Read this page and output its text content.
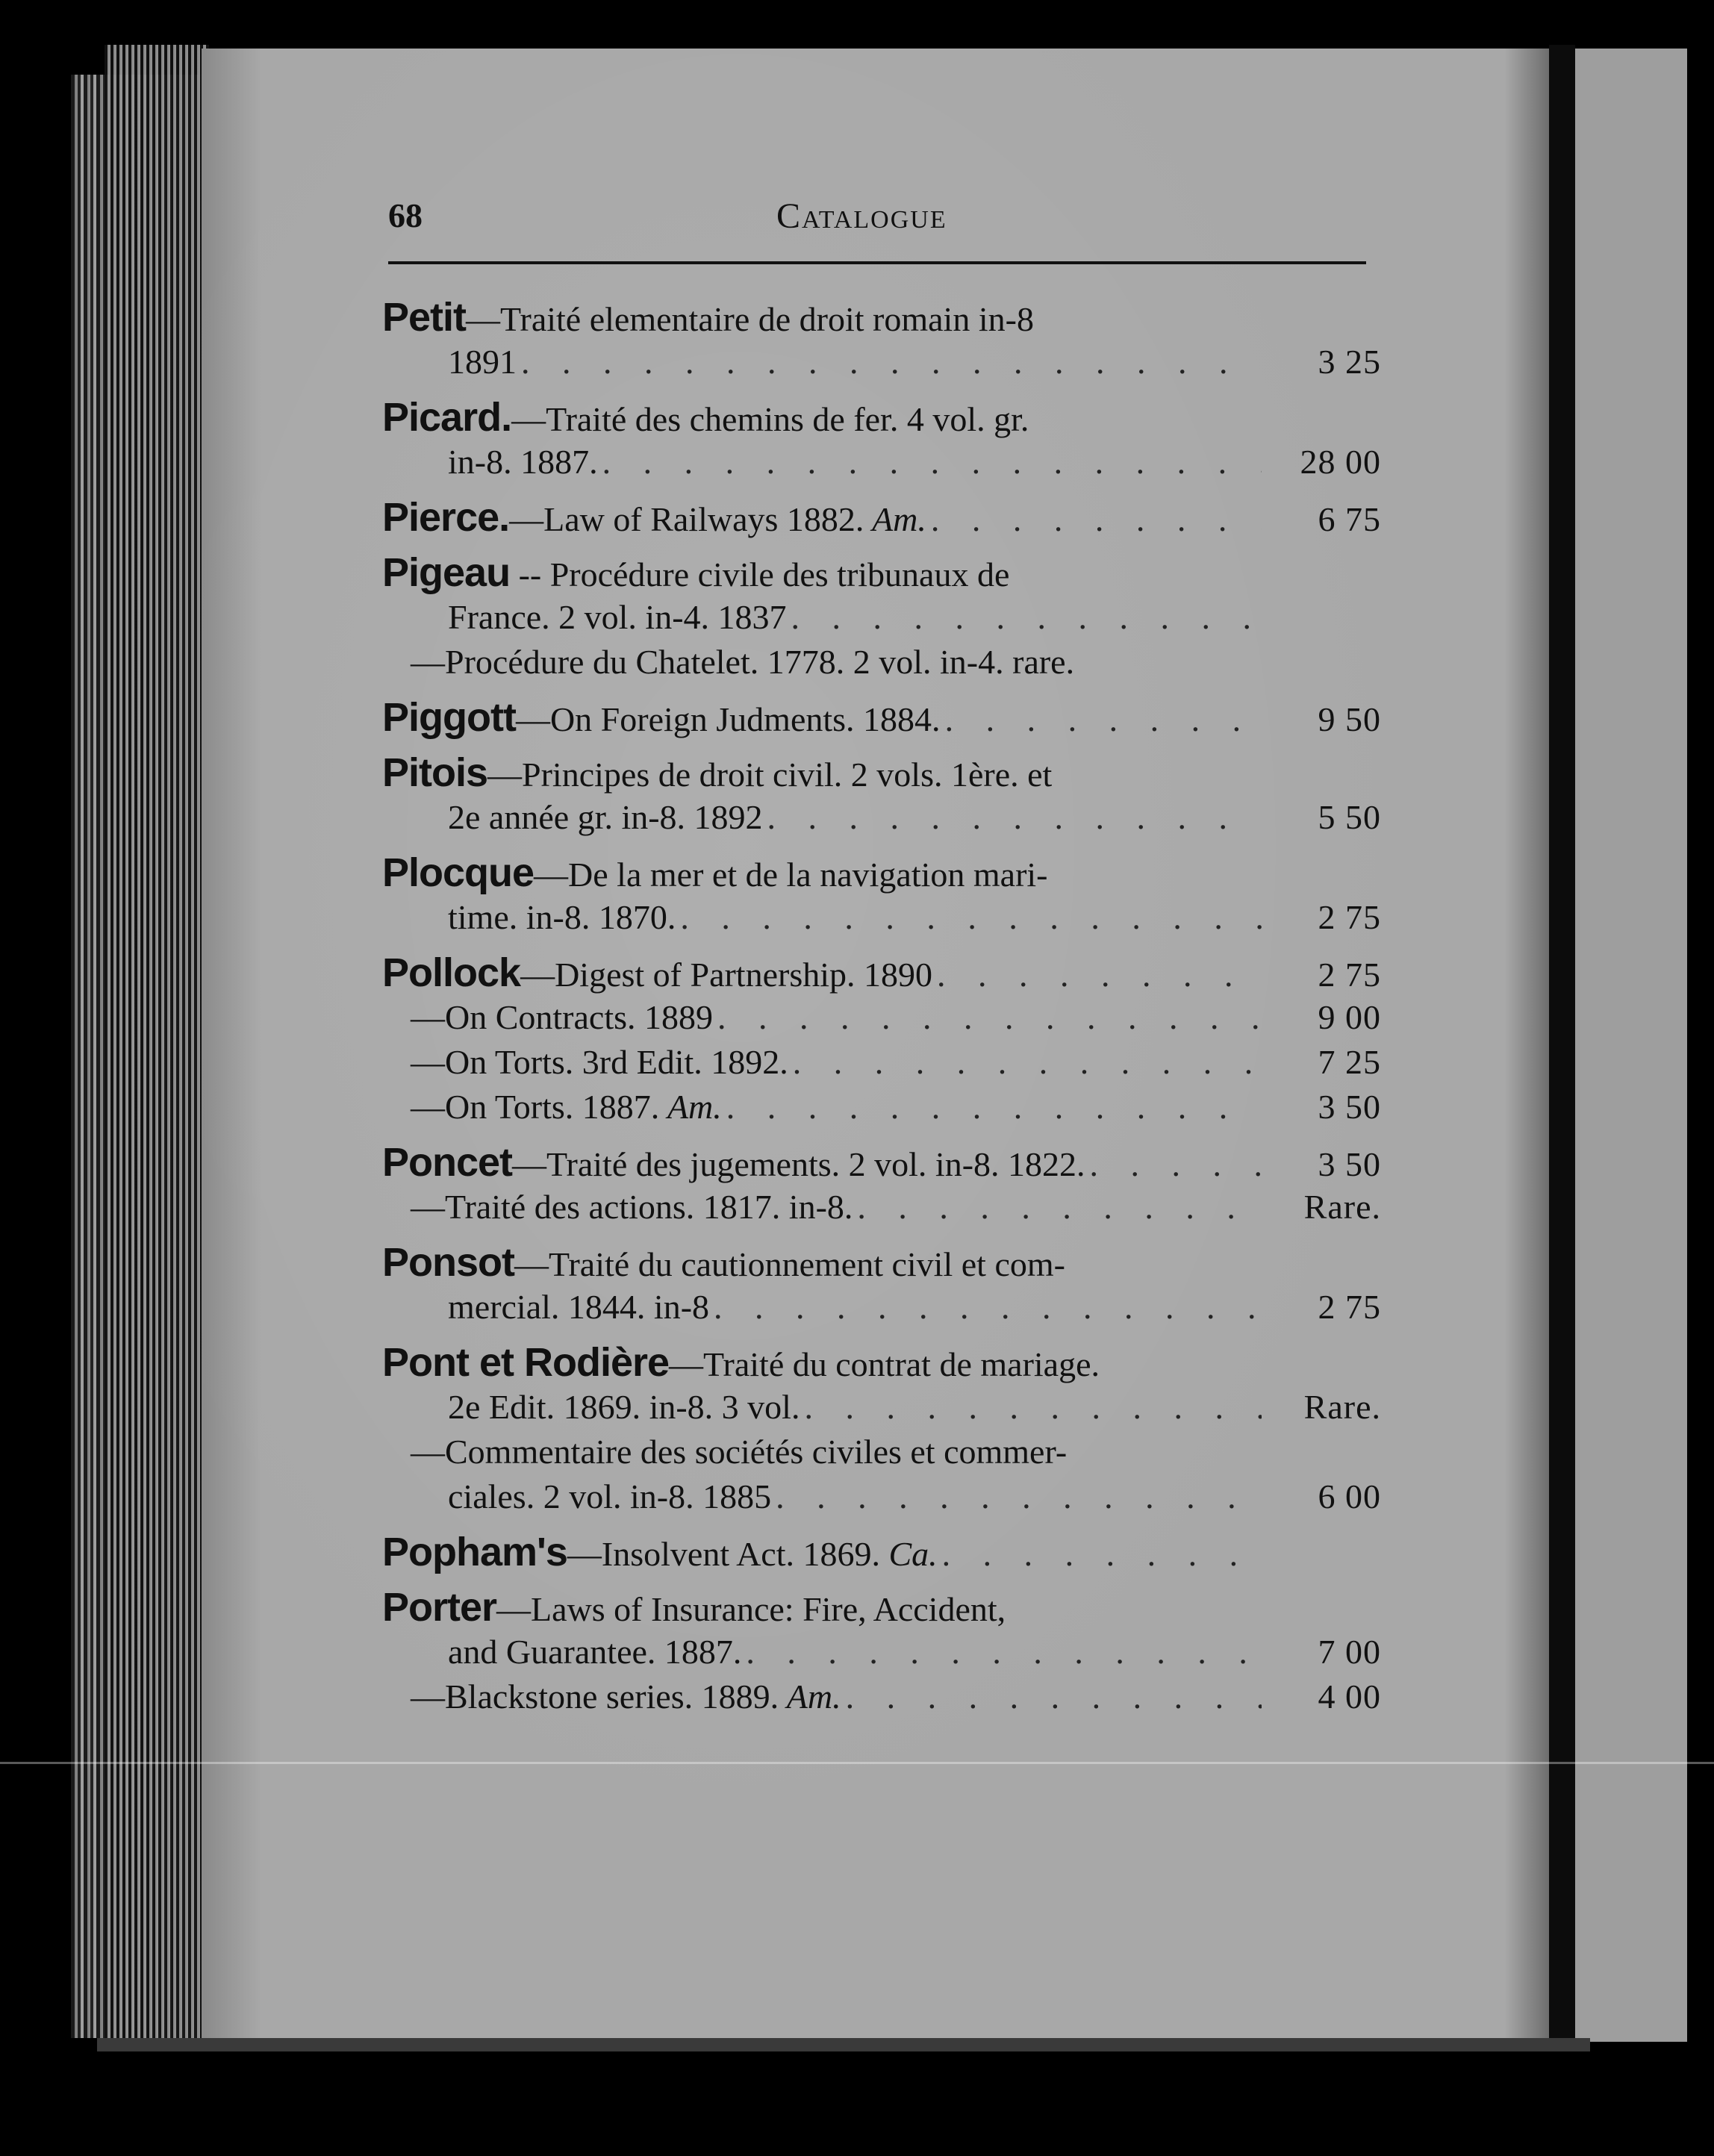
68	Catalogue
Petit—Traité elementaire de droit romain in-8
1891 . . .	3 25
Picard.—Traité des chemins de fer. 4 vol. gr.
in-8. 1887. . . .	28 00
Pierce.—Law of Railways 1882. Am. . . .	6 75
Pigeau -- Procédure civile des tribunaux de
France. 2 vol. in-4. 1837
. . .
—Procédure du Chatelet. 1778. 2 vol. in-4. rare.
Piggott—On Foreign Judments. 1884. . . .	9 50
Pitois—Principes de droit civil. 2 vols. 1ère. et
2e année gr. in-8. 1892 . . .	5 50
Plocque—De la mer et de la navigation mari-
time. in-8. 1870. . . .	2 75
Pollock—Digest of Partnership. 1890 . . .	2 75
—On Contracts. 1889 . . .	9 00
—On Torts. 3rd Edit. 1892. . . .	7 25
—On Torts. 1887. Am. . . .	3 50
Poncet—Traité des jugements. 2 vol. in-8. 1822. . . .	3 50
—Traité des actions. 1817. in-8. . . .	Rare.
Ponsot—Traité du cautionnement civil et com-
mercial. 1844. in-8 . . .	2 75
Pont et Rodière—Traité du contrat de mariage.
2e Edit. 1869. in-8. 3 vol. . . .	Rare.
—Commentaire des sociétés civiles et commer-
ciales. 2 vol. in-8. 1885 . . .	6 00
Popham's—Insolvent Act. 1869. Ca.
. . .
Porter—Laws of Insurance: Fire, Accident,
and Guarantee. 1887. . . .	7 00
—Blackstone series. 1889. Am. . . .	4 00
